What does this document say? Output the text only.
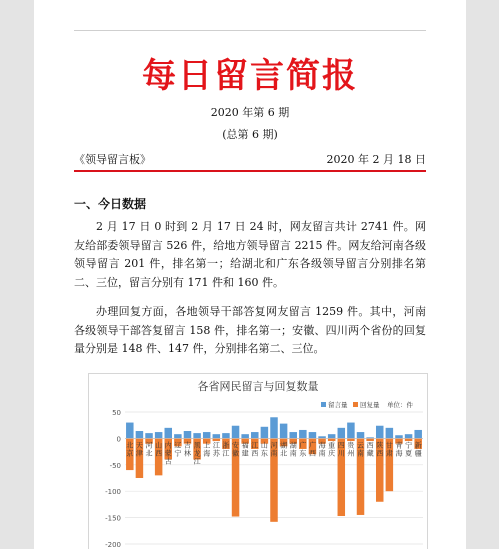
每日留言简报
2020 年第 6 期
(总第 6 期)
《领导留言板》	2020 年 2 月 18 日
一、今日数据
2 月 17 日 0 时到 2 月 17 日 24 时，网友留言共计 2741 件。网友给部委领导留言 526 件，给地方领导留言 2215 件。网友给河南各级领导留言 201 件，排名第一；给湖北和广东各级领导留言分别排名第二、三位，留言分别有 171 件和 160 件。
办理回复方面，各地领导干部答复网友留言 1259 件。其中，河南各级领导干部答复留言 158 件，排名第一；安徽、四川两个省份的回复量分别是 148 件、147 件，分别排名第二、三位。
各省网民留言与回复数量
留言量 回复量 单位：件
50
0
-50
-100
-150
-200
北京
天津
河北
山西
内蒙古
辽宁
吉林
黑龙江
上海
江苏
浙江
安徽
福建
江西
山东
河南
湖北
湖南
广东
广西
海南
重庆
四川
贵州
云南
西藏
陕西
甘肃
青海
宁夏
新疆
